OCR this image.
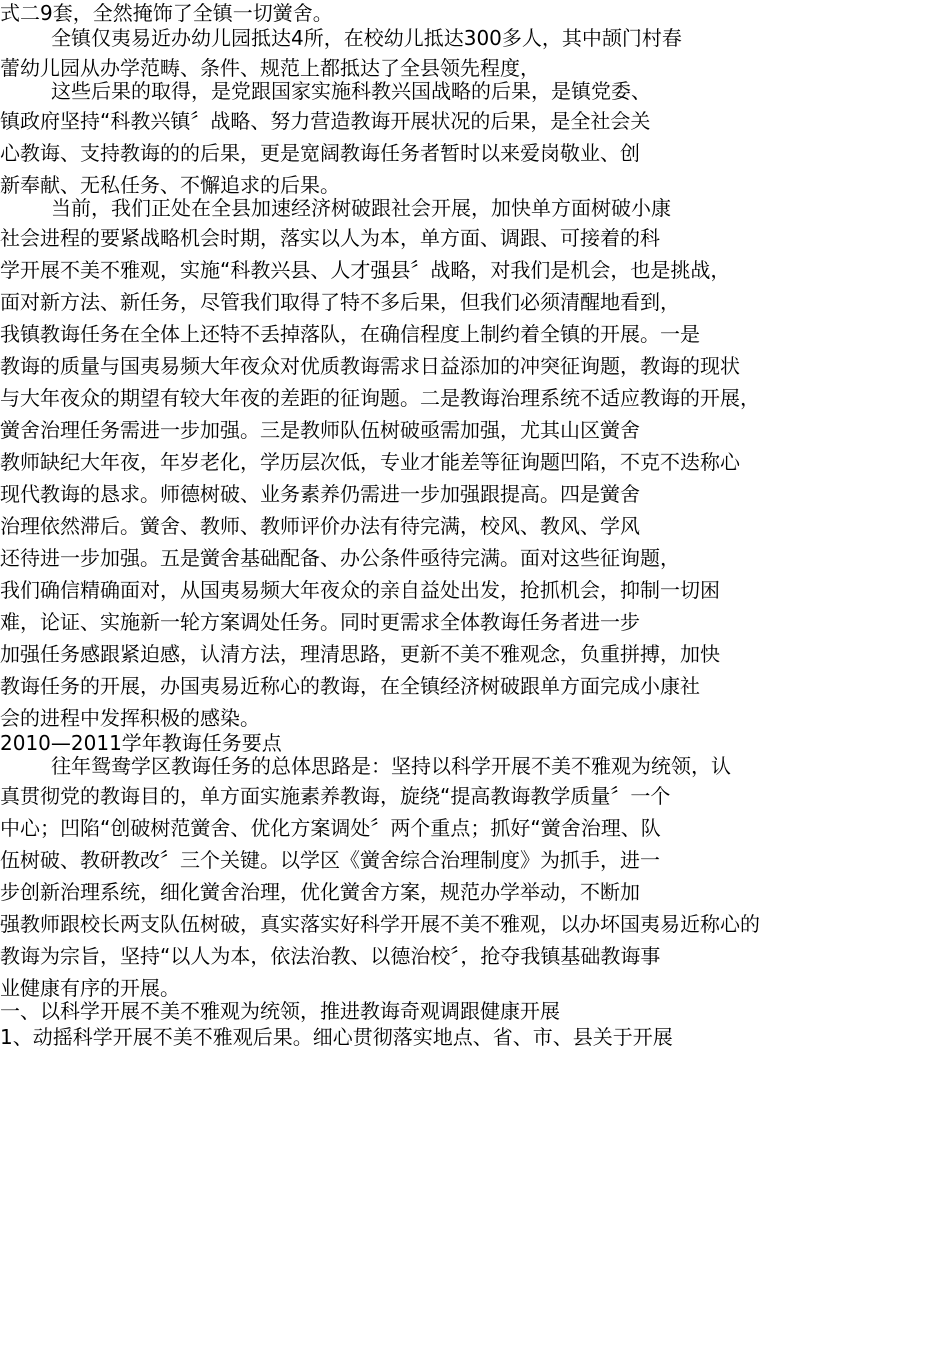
式二9套，全然掩饰了全镇一切黉舍。

全镇仅夷易近办幼儿园抵达4所，在校幼儿抵达300多人，其中颉门村春

蕾幼儿园从办学范畴、条件、规范上都抵达了全县领先程度，

这些后果的取得，是党跟国家实施科教兴国战略的后果，是镇党委、

镇政府坚持“科教兴镇〞战略、努力营造教诲开展状况的后果，是全社会关

心教诲、支持教诲的的后果，更是宽阔教诲任务者暂时以来爱岗敬业、创

新奉献、无私任务、不懈追求的后果。

当前，我们正处在全县加速经济树破跟社会开展，加快单方面树破小康

社会进程的要紧战略机会时期，落实以人为本，单方面、调跟、可接着的科

学开展不美不雅观，实施“科教兴县、人才强县〞战略，对我们是机会，也是挑战，

面对新方法、新任务，尽管我们取得了特不多后果，但我们必须清醒地看到，

我镇教诲任务在全体上还特不丢掉落队，在确信程度上制约着全镇的开展。一是

教诲的质量与国夷易频大年夜众对优质教诲需求日益添加的冲突征询题，教诲的现状

与大年夜众的期望有较大年夜的差距的征询题。二是教诲治理系统不适应教诲的开展，

黉舍治理任务需进一步加强。三是教师队伍树破亟需加强，尤其山区黉舍

教师缺纪大年夜，年岁老化，学历层次低，专业才能差等征询题凹陷，不克不迭称心

现代教诲的恳求。师德树破、业务素养仍需进一步加强跟提高。四是黉舍

治理依然滞后。黉舍、教师、教师评价办法有待完满，校风、教风、学风

还待进一步加强。五是黉舍基础配备、办公条件亟待完满。面对这些征询题，

我们确信精确面对，从国夷易频大年夜众的亲自益处出发，抢抓机会，抑制一切困

难，论证、实施新一轮方案调处任务。同时更需求全体教诲任务者进一步

加强任务感跟紧迫感，认清方法，理清思路，更新不美不雅观念，负重拼搏，加快

教诲任务的开展，办国夷易近称心的教诲，在全镇经济树破跟单方面完成小康社

会的进程中发挥积极的感染。

2010—2011学年教诲任务要点

往年鸳鸯学区教诲任务的总体思路是：坚持以科学开展不美不雅观为统领，认

真贯彻党的教诲目的，单方面实施素养教诲，旋绕“提高教诲教学质量〞一个

中心；凹陷“创破树范黉舍、优化方案调处〞两个重点；抓好“黉舍治理、队

伍树破、教研教改〞三个关键。以学区《黉舍综合治理制度》为抓手，进一

步创新治理系统，细化黉舍治理，优化黉舍方案，规范办学举动，不断加

强教师跟校长两支队伍树破，真实落实好科学开展不美不雅观，以办坏国夷易近称心的

教诲为宗旨，坚持“以人为本，依法治教、以德治校〞，抢夺我镇基础教诲事

业健康有序的开展。

一、以科学开展不美不雅观为统领，推进教诲奇观调跟健康开展

1、动摇科学开展不美不雅观后果。细心贯彻落实地点、省、市、县关于开展
